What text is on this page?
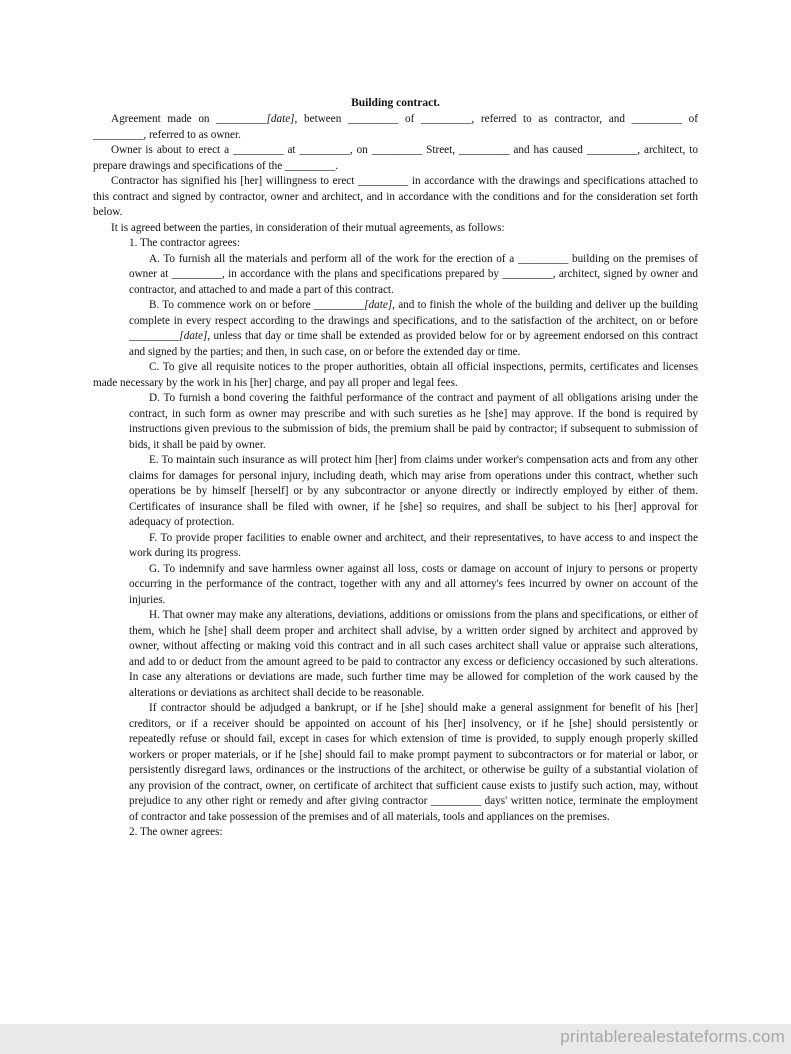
Building contract.

Agreement made on _________[date], between _________ of _________, referred to as contractor, and _________ of _________, referred to as owner.

Owner is about to erect a _________ at _________, on _________ Street, _________ and has caused _________, architect, to prepare drawings and specifications of the _________.

Contractor has signified his [her] willingness to erect _________ in accordance with the drawings and specifications attached to this contract and signed by contractor, owner and architect, and in accordance with the conditions and for the consideration set forth below.

It is agreed between the parties, in consideration of their mutual agreements, as follows:

1. The contractor agrees:

A. To furnish all the materials and perform all of the work for the erection of a _________ building on the premises of owner at _________, in accordance with the plans and specifications prepared by _________, architect, signed by owner and contractor, and attached to and made a part of this contract.

B. To commence work on or before _________[date], and to finish the whole of the building and deliver up the building complete in every respect according to the drawings and specifications, and to the satisfaction of the architect, on or before _________[date], unless that day or time shall be extended as provided below for or by agreement endorsed on this contract and signed by the parties; and then, in such case, on or before the extended day or time.

C. To give all requisite notices to the proper authorities, obtain all official inspections, permits, certificates and licenses made necessary by the work in his [her] charge, and pay all proper and legal fees.

D. To furnish a bond covering the faithful performance of the contract and payment of all obligations arising under the contract, in such form as owner may prescribe and with such sureties as he [she] may approve. If the bond is required by instructions given previous to the submission of bids, the premium shall be paid by contractor; if subsequent to submission of bids, it shall be paid by owner.

E. To maintain such insurance as will protect him [her] from claims under worker's compensation acts and from any other claims for damages for personal injury, including death, which may arise from operations under this contract, whether such operations be by himself [herself] or by any subcontractor or anyone directly or indirectly employed by either of them. Certificates of insurance shall be filed with owner, if he [she] so requires, and shall be subject to his [her] approval for adequacy of protection.

F. To provide proper facilities to enable owner and architect, and their representatives, to have access to and inspect the work during its progress.

G. To indemnify and save harmless owner against all loss, costs or damage on account of injury to persons or property occurring in the performance of the contract, together with any and all attorney's fees incurred by owner on account of the injuries.

H. That owner may make any alterations, deviations, additions or omissions from the plans and specifications, or either of them, which he [she] shall deem proper and architect shall advise, by a written order signed by architect and approved by owner, without affecting or making void this contract and in all such cases architect shall value or appraise such alterations, and add to or deduct from the amount agreed to be paid to contractor any excess or deficiency occasioned by such alterations. In case any alterations or deviations are made, such further time may be allowed for completion of the work caused by the alterations or deviations as architect shall decide to be reasonable.

If contractor should be adjudged a bankrupt, or if he [she] should make a general assignment for benefit of his [her] creditors, or if a receiver should be appointed on account of his [her] insolvency, or if he [she] should persistently or repeatedly refuse or should fail, except in cases for which extension of time is provided, to supply enough properly skilled workers or proper materials, or if he [she] should fail to make prompt payment to subcontractors or for material or labor, or persistently disregard laws, ordinances or the instructions of the architect, or otherwise be guilty of a substantial violation of any provision of the contract, owner, on certificate of architect that sufficient cause exists to justify such action, may, without prejudice to any other right or remedy and after giving contractor _________ days' written notice, terminate the employment of contractor and take possession of the premises and of all materials, tools and appliances on the premises.

2. The owner agrees:

printablerealestateforms.com
